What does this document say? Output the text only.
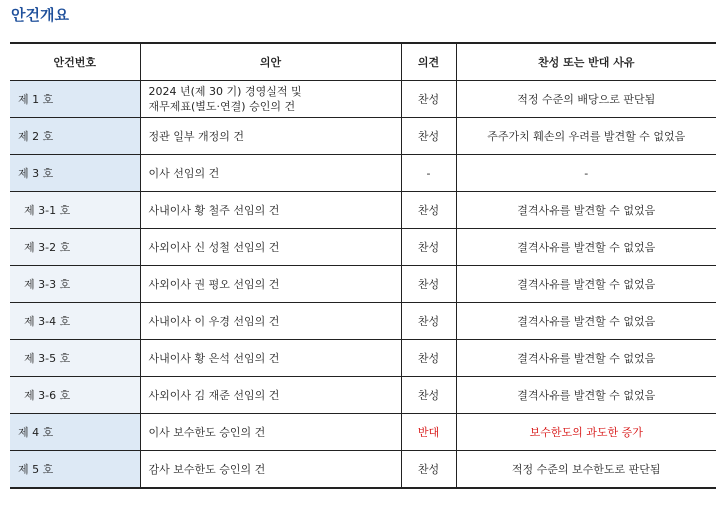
안건개요
안건번호	의안	의견	찬성 또는 반대 사유
제 1 호	2024 년(제 30 기) 경영실적 및
재무제표(별도·연결) 승인의 건	찬성	적정 수준의 배당으로 판단됨
제 2 호	정관 일부 개정의 건	찬성	주주가치 훼손의 우려를 발견할 수 없었음
제 3 호	이사 선임의 건	-	-
제 3-1 호	사내이사 황 철주 선임의 건	찬성	결격사유를 발견할 수 없었음
제 3-2 호	사외이사 신 성철 선임의 건	찬성	결격사유를 발견할 수 없었음
제 3-3 호	사외이사 권 평오 선임의 건	찬성	결격사유를 발견할 수 없었음
제 3-4 호	사내이사 이 우경 선임의 건	찬성	결격사유를 발견할 수 없었음
제 3-5 호	사내이사 황 은석 선임의 건	찬성	결격사유를 발견할 수 없었음
제 3-6 호	사외이사 김 재준 선임의 건	찬성	결격사유를 발견할 수 없었음
제 4 호	이사 보수한도 승인의 건	반대	보수한도의 과도한 증가
제 5 호	감사 보수한도 승인의 건	찬성	적정 수준의 보수한도로 판단됨
